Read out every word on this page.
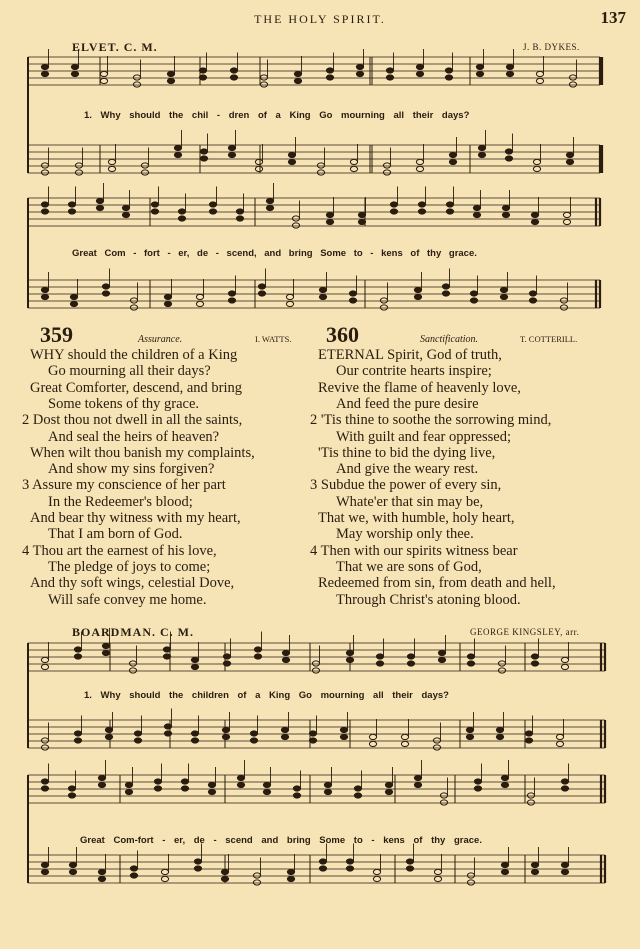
THE HOLY SPIRIT.	137
ELVET. C. M.	J. B. DYKES.
1. Why should the chil - dren of a King Go mourning all their days?
Great Com - fort - er, de - scend, and bring Some to - kens of thy grace.
359	Assurance.	I. WATTS.
WHY should the children of a King
Go mourning all their days?
Great Comforter, descend, and bring
Some tokens of thy grace.
2 Dost thou not dwell in all the saints,
And seal the heirs of heaven?
When wilt thou banish my complaints,
And show my sins forgiven?
3 Assure my conscience of her part
In the Redeemer's blood;
And bear thy witness with my heart,
That I am born of God.
4 Thou art the earnest of his love,
The pledge of joys to come;
And thy soft wings, celestial Dove,
Will safe convey me home.
360	Sanctification.	T. COTTERILL.
ETERNAL Spirit, God of truth,
Our contrite hearts inspire;
Revive the flame of heavenly love,
And feed the pure desire
2 'Tis thine to soothe the sorrowing mind,
With guilt and fear oppressed;
'Tis thine to bid the dying live,
And give the weary rest.
3 Subdue the power of every sin,
Whate'er that sin may be,
That we, with humble, holy heart,
May worship only thee.
4 Then with our spirits witness bear
That we are sons of God,
Redeemed from sin, from death and hell,
Through Christ's atoning blood.
BOARDMAN. C. M.	GEORGE KINGSLEY, arr.
1. Why should the children of a King Go mourning all their days?
Great Com-fort - er, de - scend and bring Some to - kens of thy grace.
